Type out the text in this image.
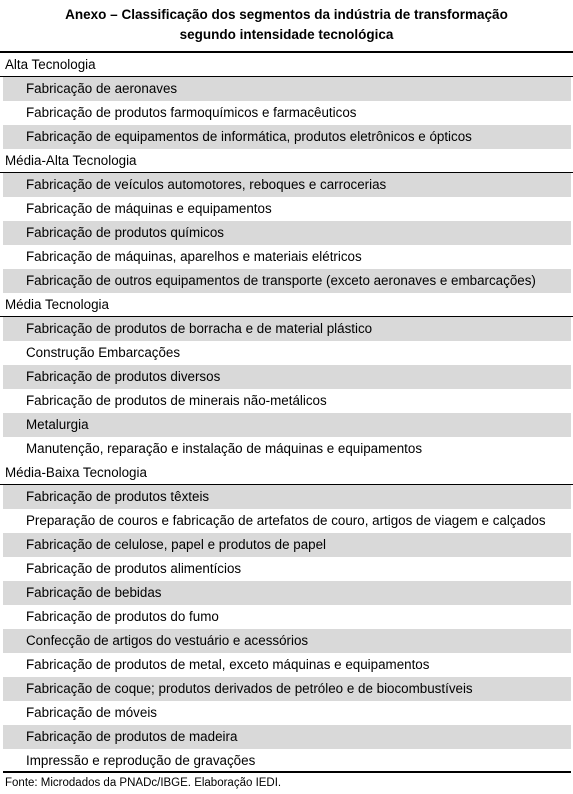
Anexo – Classificação dos segmentos da indústria de transformação
segundo intensidade tecnológica
Alta Tecnologia
Fabricação de aeronaves
Fabricação de produtos farmoquímicos e farmacêuticos
Fabricação de equipamentos de informática, produtos eletrônicos e ópticos
Média-Alta Tecnologia
Fabricação de veículos automotores, reboques e carrocerias
Fabricação de máquinas e equipamentos
Fabricação de produtos químicos
Fabricação de máquinas, aparelhos e materiais elétricos
Fabricação de outros equipamentos de transporte (exceto aeronaves e embarcações)
Média Tecnologia
Fabricação de produtos de borracha e de material plástico
Construção Embarcações
Fabricação de produtos diversos
Fabricação de produtos de minerais não-metálicos
Metalurgia
Manutenção, reparação e instalação de máquinas e equipamentos
Média-Baixa Tecnologia
Fabricação de produtos têxteis
Preparação de couros e fabricação de artefatos de couro, artigos de viagem e calçados
Fabricação de celulose, papel e produtos de papel
Fabricação de produtos alimentícios
Fabricação de bebidas
Fabricação de produtos do fumo
Confecção de artigos do vestuário e acessórios
Fabricação de produtos de metal, exceto máquinas e equipamentos
Fabricação de coque; produtos derivados de petróleo e de biocombustíveis
Fabricação de móveis
Fabricação de produtos de madeira
Impressão e reprodução de gravações
Fonte: Microdados da PNADc/IBGE. Elaboração IEDI.
